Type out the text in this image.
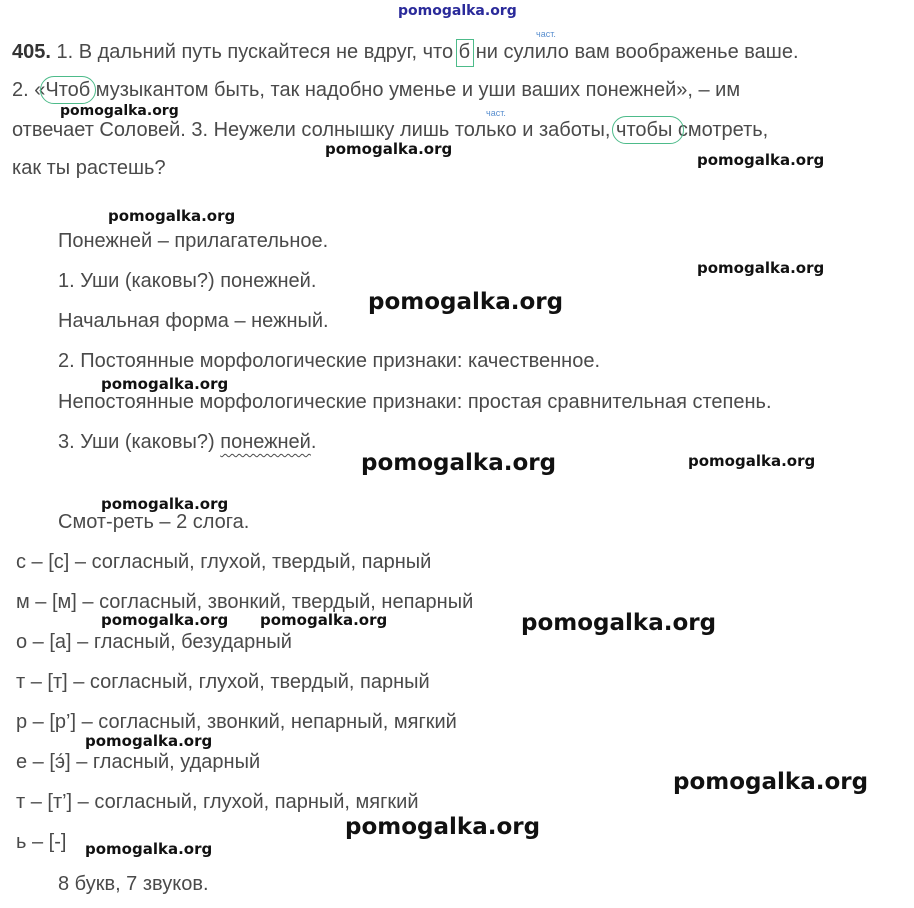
pomogalka.org
405. 1. В дальний путь пускайтеся не вдруг, что б
ни сулило вам воображенье ваше.
част.
2. «Чтоб
музыкантом быть, так надобно уменье и уши ваших понежней», – им
част.
отвечает Соловей. 3. Неужели солнышку лишь только и заботы, чтобы
смотреть,
как ты растешь?
Понежней – прилагательное.
1. Уши (каковы?) понежней.
Начальная форма – нежный.
2. Постоянные морфологические признаки: качественное.
Непостоянные морфологические признаки: простая сравнительная степень.
3. Уши (каковы?) понежней.
Смот-реть – 2 слога.
с – [с] – согласный, глухой, твердый, парный
м – [м] – согласный, звонкий, твердый, непарный
о – [а] – гласный, безударный
т – [т] – согласный, глухой, твердый, парный
р – [р’] – согласный, звонкий, непарный, мягкий
е – [э́] – гласный, ударный
т – [т’] – согласный, глухой, парный, мягкий
ь – [-]
8 букв, 7 звуков.
pomogalka.org
pomogalka.org
pomogalka.org
pomogalka.org
pomogalka.org
pomogalka.org
pomogalka.org
pomogalka.org	pomogalka.org
pomogalka.org
pomogalka.org pomogalka.org	pomogalka.org
pomogalka.org
pomogalka.org
pomogalka.org
pomogalka.org
